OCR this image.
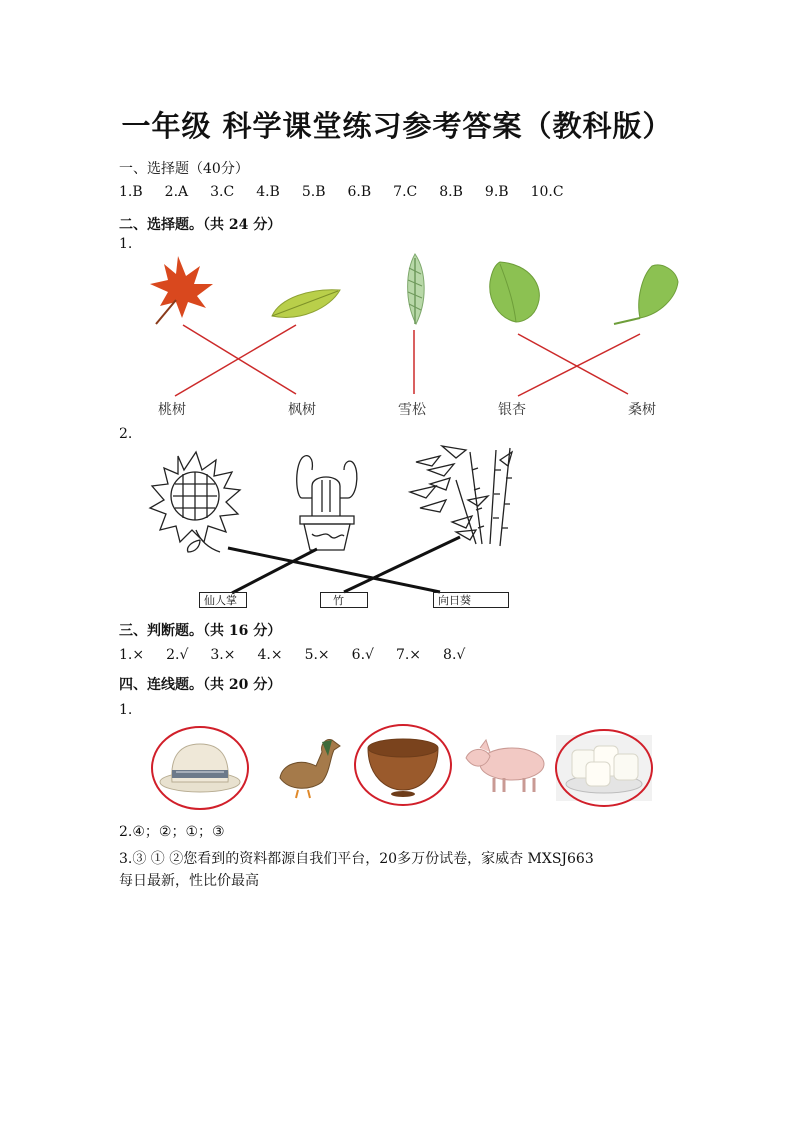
一年级 科学课堂练习参考答案（教科版）
一、选择题（40分）
1.B 2.A 3.C 4.B 5.B 6.B 7.C 8.B 9.B 10.C
二、选择题。（共 24 分）
1.
桃树	枫树	雪松	银杏	桑树
2.
仙人掌	竹	向日葵
三、判断题。（共 16 分）
1.× 2.√ 3.× 4.× 5.× 6.√ 7.× 8.√
四、连线题。（共 20 分）
1.
2.④；②；①；③
3.③ ① ②您看到的资料都源自我们平台，20多万份试卷，家威杏 MXSJ663
每日最新，性比价最高
